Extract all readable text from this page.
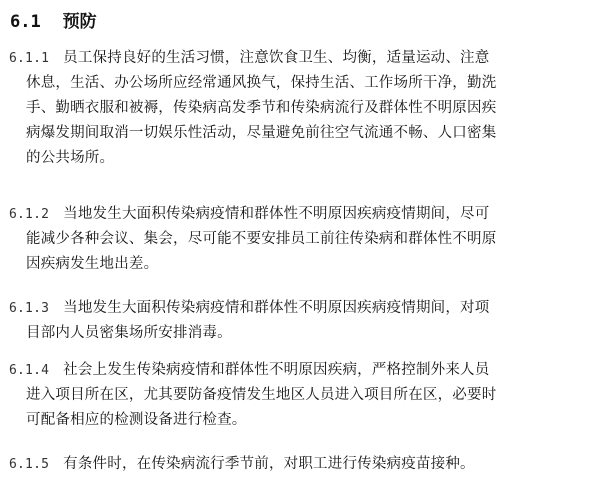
6.1 预防
6.1.1 员工保持良好的生活习惯，注意饮食卫生、均衡，适量运动、注意
休息，生活、办公场所应经常通风换气，保持生活、工作场所干净，勤洗
手、勤晒衣服和被褥，传染病高发季节和传染病流行及群体性不明原因疾
病爆发期间取消一切娱乐性活动，尽量避免前往空气流通不畅、人口密集
的公共场所。
6.1.2 当地发生大面积传染病疫情和群体性不明原因疾病疫情期间，尽可
能减少各种会议、集会，尽可能不要安排员工前往传染病和群体性不明原
因疾病发生地出差。
6.1.3 当地发生大面积传染病疫情和群体性不明原因疾病疫情期间，对项
目部内人员密集场所安排消毒。
6.1.4 社会上发生传染病疫情和群体性不明原因疾病，严格控制外来人员
进入项目所在区，尤其要防备疫情发生地区人员进入项目所在区，必要时
可配备相应的检测设备进行检查。
6.1.5 有条件时，在传染病流行季节前，对职工进行传染病疫苗接种。
